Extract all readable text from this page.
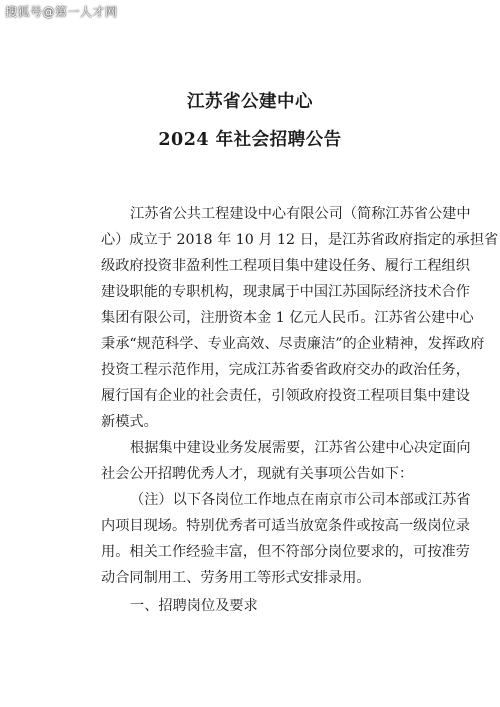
搜狐号@第一人才网
江苏省公建中心
2024 年社会招聘公告
江苏省公共工程建设中心有限公司（简称江苏省公建中
心）成立于 2018 年 10 月 12 日，是江苏省政府指定的承担省
级政府投资非盈利性工程项目集中建设任务、履行工程组织
建设职能的专职机构，现隶属于中国江苏国际经济技术合作
集团有限公司，注册资本金 1 亿元人民币。江苏省公建中心
秉承“规范科学、专业高效、尽责廉洁”的企业精神，发挥政府
投资工程示范作用，完成江苏省委省政府交办的政治任务，
履行国有企业的社会责任，引领政府投资工程项目集中建设
新模式。
根据集中建设业务发展需要，江苏省公建中心决定面向
社会公开招聘优秀人才，现就有关事项公告如下：
（注）以下各岗位工作地点在南京市公司本部或江苏省
内项目现场。特别优秀者可适当放宽条件或按高一级岗位录
用。相关工作经验丰富，但不符部分岗位要求的，可按准劳
动合同制用工、劳务用工等形式安排录用。
一、招聘岗位及要求
